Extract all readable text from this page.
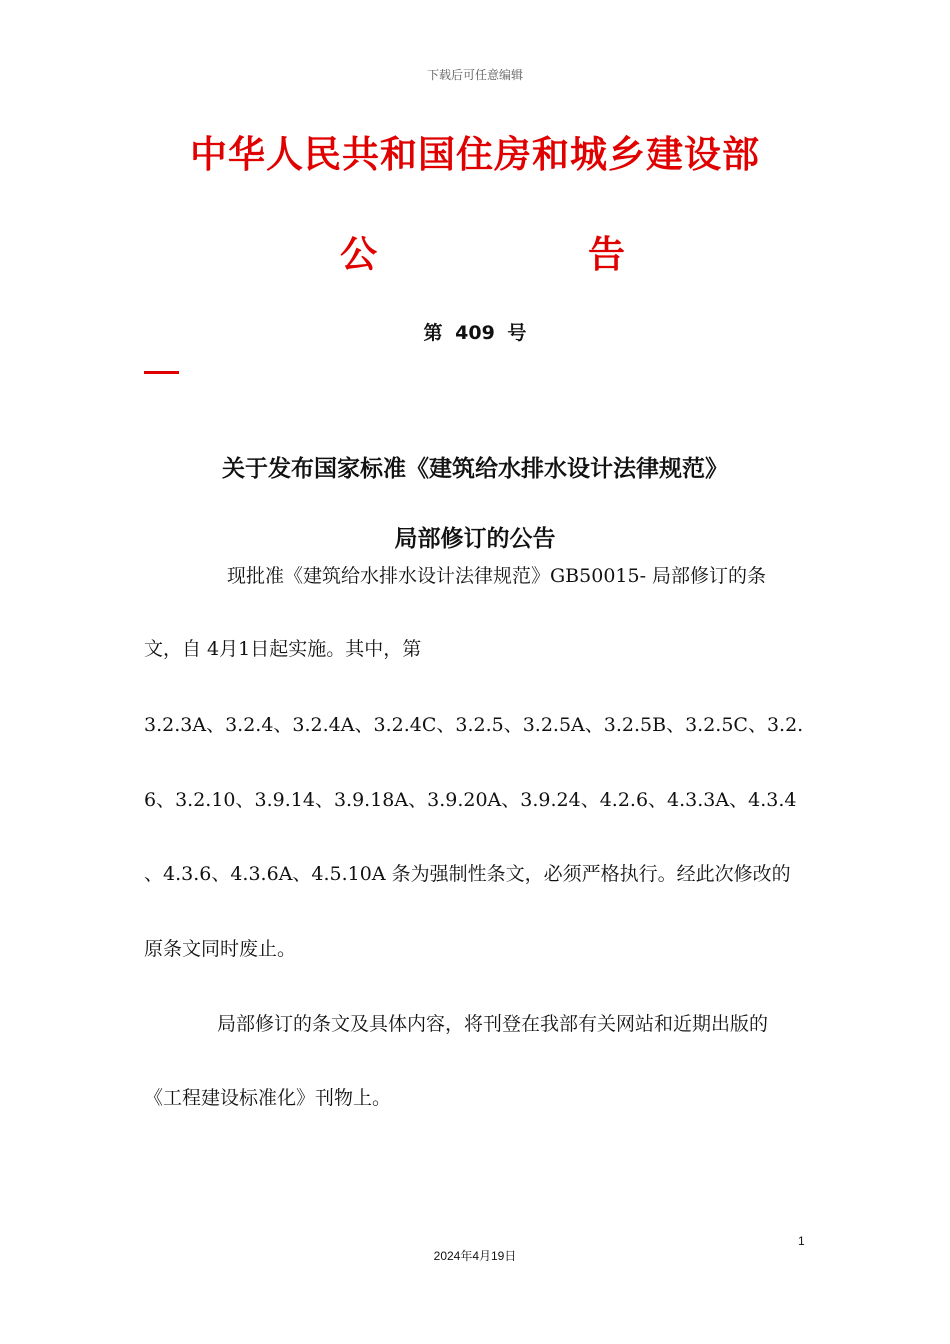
下载后可任意编辑
中华人民共和国住房和城乡建设部
公	告
第 409 号
关于发布国家标准《建筑给水排水设计法律规范》
局部修订的公告
现批准《建筑给水排水设计法律规范》GB50015- 局部修订的条
文，自 4月1日起实施。其中，第
3.2.3A、3.2.4、3.2.4A、3.2.4C、3.2.5、3.2.5A、3.2.5B、3.2.5C、3.2.
6、3.2.10、3.9.14、3.9.18A、3.9.20A、3.9.24、4.2.6、4.3.3A、4.3.4
、4.3.6、4.3.6A、4.5.10A 条为强制性条文，必须严格执行。经此次修改的
原条文同时废止。
局部修订的条文及具体内容，将刊登在我部有关网站和近期出版的
《工程建设标准化》刊物上。
1
2024年4月19日
